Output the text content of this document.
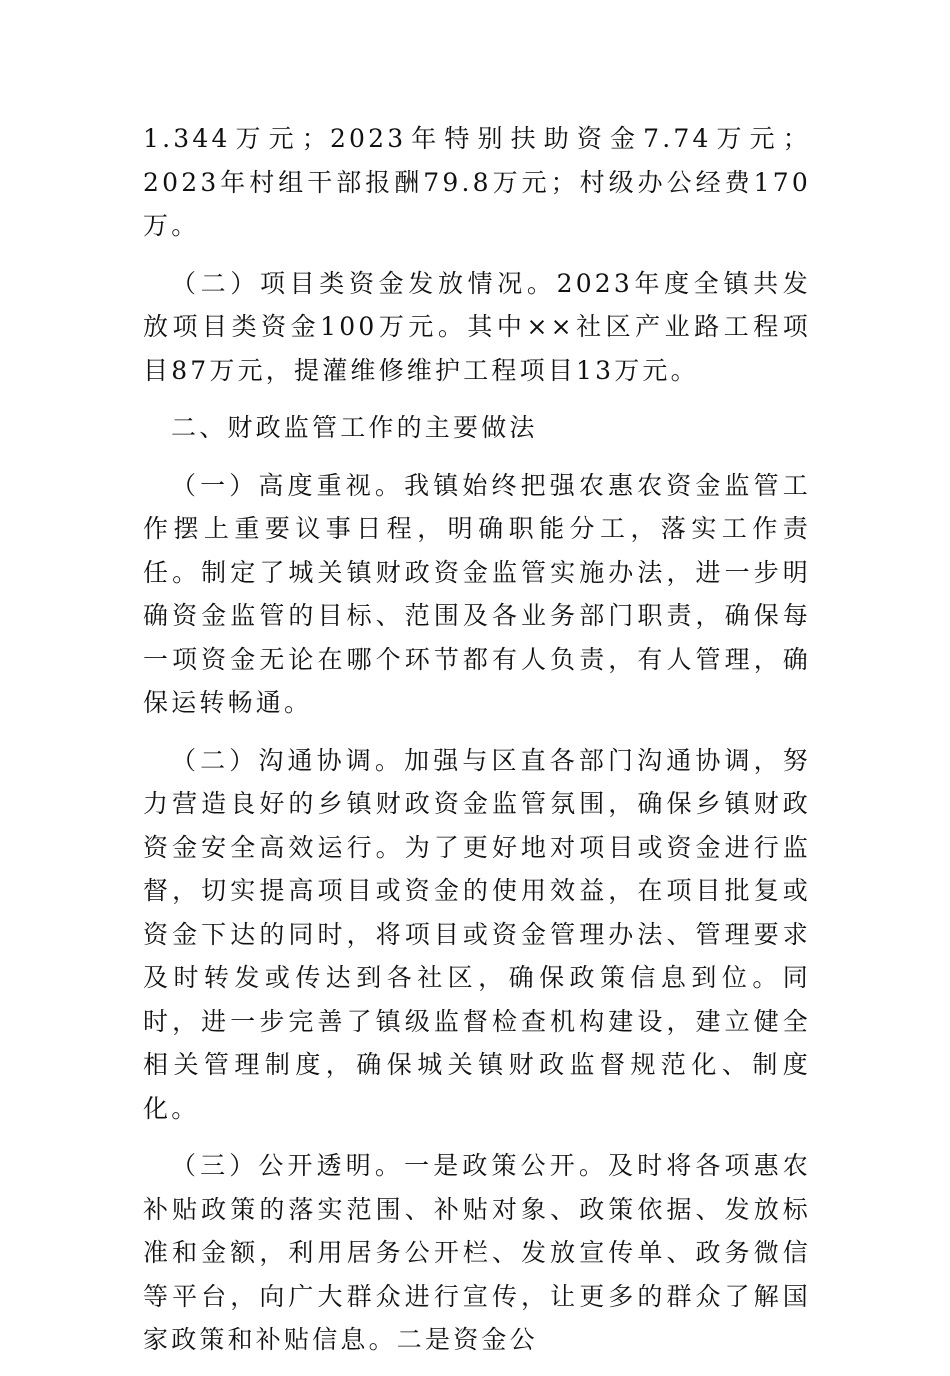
1.344万元；2023年特别扶助资金7.74万元；2023年村组干部报酬79.8万元；村级办公经费170万。

（二）项目类资金发放情况。2023年度全镇共发放项目类资金100万元。其中××社区产业路工程项目87万元，提灌维修维护工程项目13万元。

二、财政监管工作的主要做法

（一）高度重视。我镇始终把强农惠农资金监管工作摆上重要议事日程，明确职能分工，落实工作责任。制定了城关镇财政资金监管实施办法，进一步明确资金监管的目标、范围及各业务部门职责，确保每一项资金无论在哪个环节都有人负责，有人管理，确保运转畅通。

（二）沟通协调。加强与区直各部门沟通协调，努力营造良好的乡镇财政资金监管氛围，确保乡镇财政资金安全高效运行。为了更好地对项目或资金进行监督，切实提高项目或资金的使用效益，在项目批复或资金下达的同时，将项目或资金管理办法、管理要求及时转发或传达到各社区，确保政策信息到位。同时，进一步完善了镇级监督检查机构建设，建立健全相关管理制度，确保城关镇财政监督规范化、制度化。

（三）公开透明。一是政策公开。及时将各项惠农补贴政策的落实范围、补贴对象、政策依据、发放标准和金额，利用居务公开栏、发放宣传单、政务微信等平台，向广大群众进行宣传，让更多的群众了解国家政策和补贴信息。二是资金公
